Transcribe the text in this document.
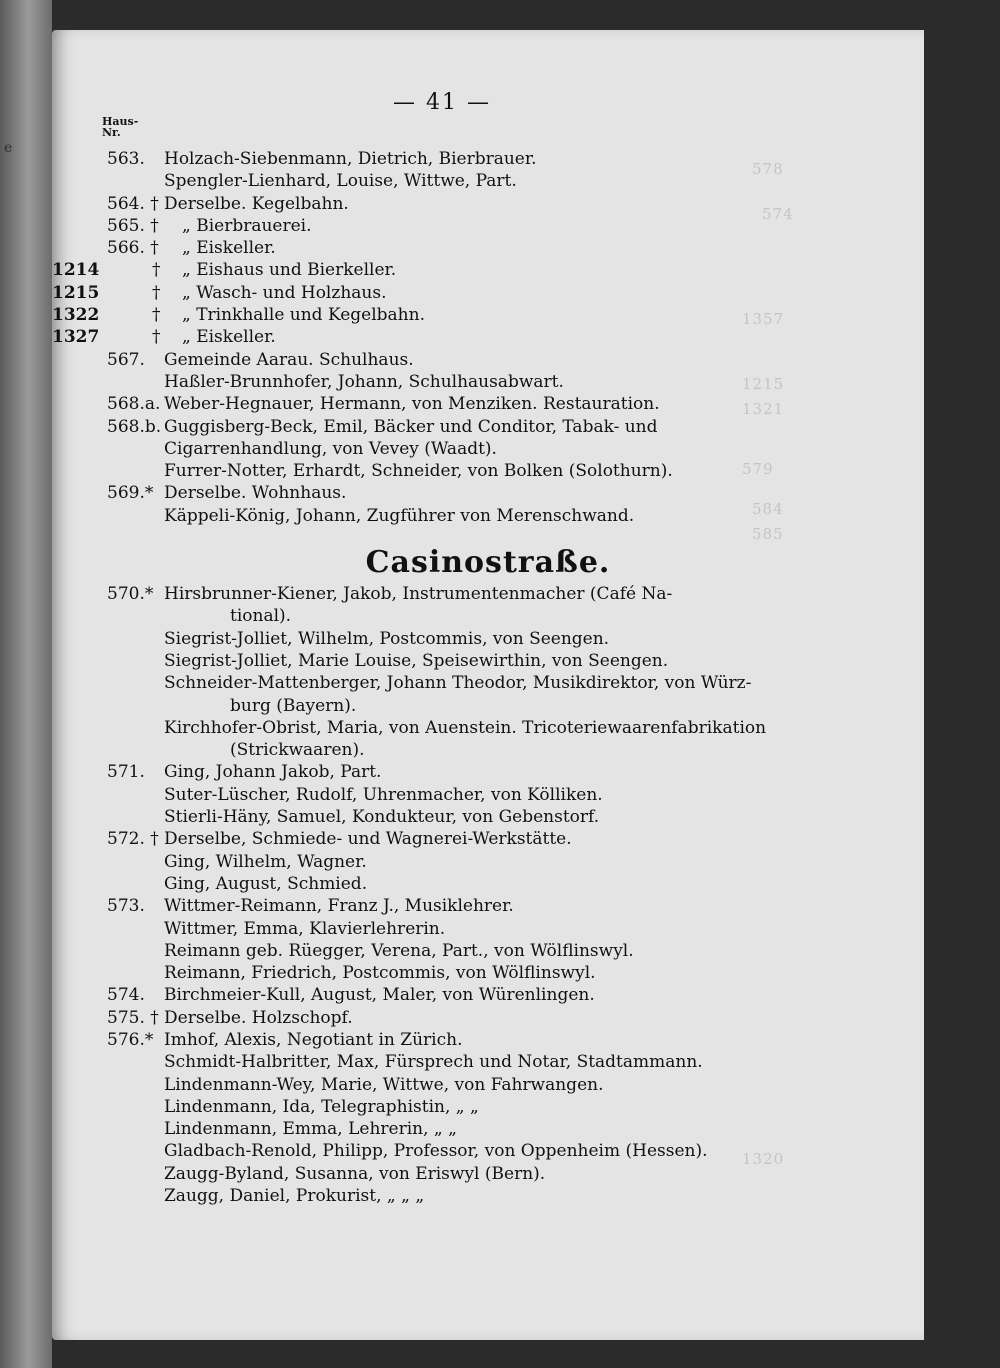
e
578
574
1357
1215
1321
579
584
585
1320
— 41 —
Haus-
Nr.
563. Holzach-Siebenmann, Dietrich, Bierbrauer.
Spengler-Lienhard, Louise, Wittwe, Part.
564. † Derselbe. Kegelbahn.
565. † „ Bierbrauerei.
566. † „ Eiskeller.
1214	† „ Eishaus und Bierkeller.
1215	† „ Wasch- und Holzhaus.
1322	† „ Trinkhalle und Kegelbahn.
1327	† „ Eiskeller.
567. Gemeinde Aarau. Schulhaus.
Haßler-Brunnhofer, Johann, Schulhausabwart.
568.a. Weber-Hegnauer, Hermann, von Menziken. Restauration.
568.b. Guggisberg-Beck, Emil, Bäcker und Conditor, Tabak- und
Cigarrenhandlung, von Vevey (Waadt).
Furrer-Notter, Erhardt, Schneider, von Bolken (Solothurn).
569.* Derselbe. Wohnhaus.
Käppeli-König, Johann, Zugführer von Merenschwand.
Casinostraße.
570.* Hirsbrunner-Kiener, Jakob, Instrumentenmacher (Café Na-
tional).
Siegrist-Jolliet, Wilhelm, Postcommis, von Seengen.
Siegrist-Jolliet, Marie Louise, Speisewirthin, von Seengen.
Schneider-Mattenberger, Johann Theodor, Musikdirektor, von Würz-
burg (Bayern).
Kirchhofer-Obrist, Maria, von Auenstein. Tricoteriewaarenfabrikation
(Strickwaaren).
571. Ging, Johann Jakob, Part.
Suter-Lüscher, Rudolf, Uhrenmacher, von Kölliken.
Stierli-Häny, Samuel, Kondukteur, von Gebenstorf.
572. † Derselbe, Schmiede- und Wagnerei-Werkstätte.
Ging, Wilhelm, Wagner.
Ging, August, Schmied.
573. Wittmer-Reimann, Franz J., Musiklehrer.
Wittmer, Emma, Klavierlehrerin.
Reimann geb. Rüegger, Verena, Part., von Wölflinswyl.
Reimann, Friedrich, Postcommis, von Wölflinswyl.
574. Birchmeier-Kull, August, Maler, von Würenlingen.
575. † Derselbe. Holzschopf.
576.* Imhof, Alexis, Negotiant in Zürich.
Schmidt-Halbritter, Max, Fürsprech und Notar, Stadtammann.
Lindenmann-Wey, Marie, Wittwe, von Fahrwangen.
Lindenmann, Ida, Telegraphistin, „ „
Lindenmann, Emma, Lehrerin, „ „
Gladbach-Renold, Philipp, Professor, von Oppenheim (Hessen).
Zaugg-Byland, Susanna, von Eriswyl (Bern).
Zaugg, Daniel, Prokurist, „ „ „
